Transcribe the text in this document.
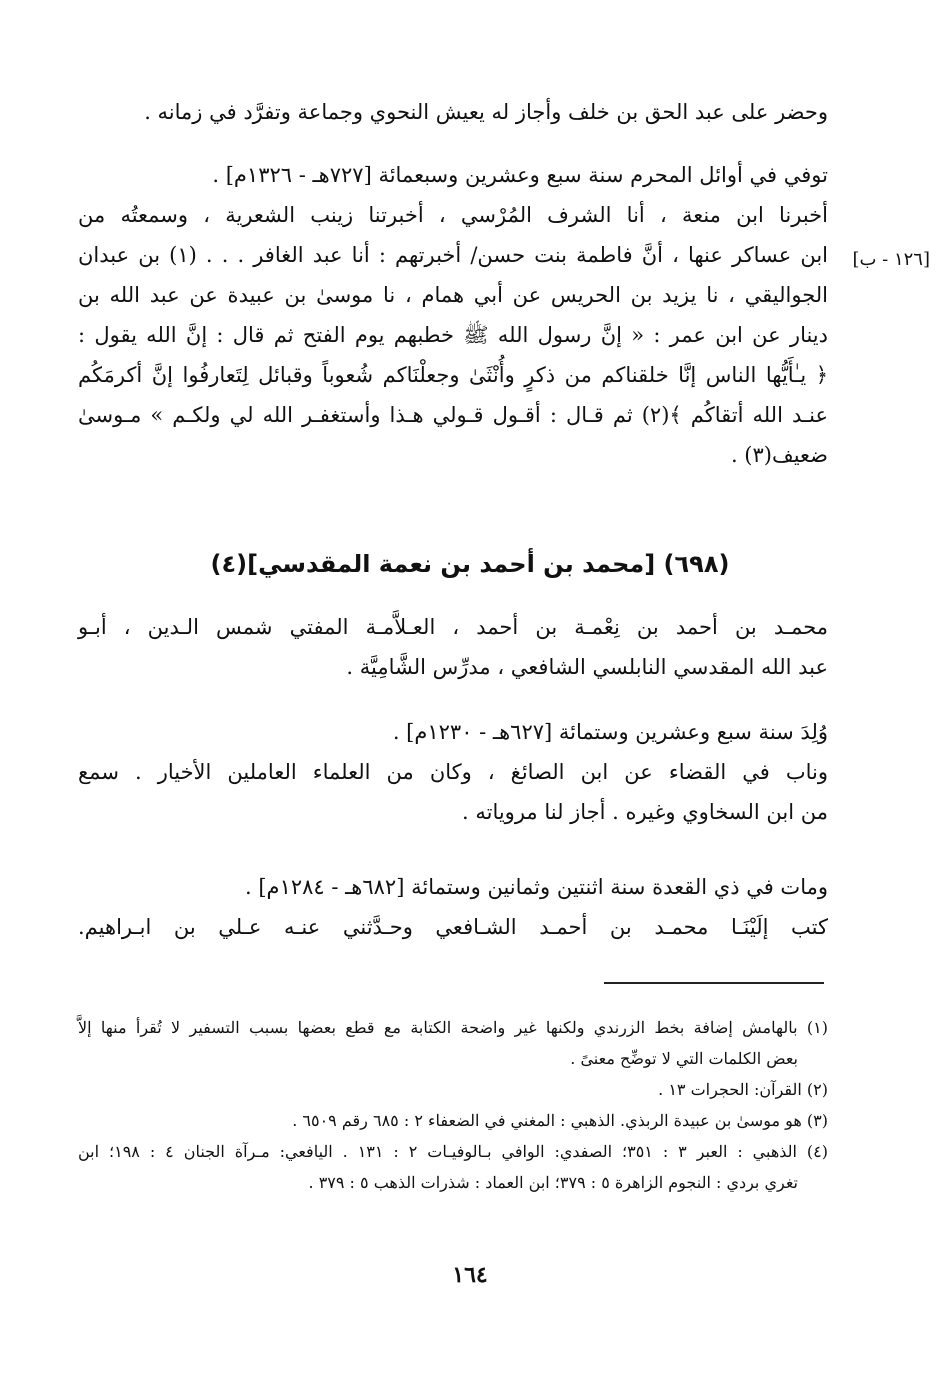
وحضر على عبد الحق بن خلف وأجاز له يعيش النحوي وجماعة وتفرَّد في زمانه .
توفي في أوائل المحرم سنة سبع وعشرين وسبعمائة [٧٢٧هـ - ١٣٢٦م] .
أخبرنا ابن منعة ، أنا الشرف المُرْسي ، أخبرتنا زينب الشعرية ، وسمعتُه من
ابن عساكر عنها ، أنَّ فاطمة بنت حسن/ أخبرتهم : أنا عبد الغافر . . . (١) بن عبدان
الجواليقي ، نا يزيد بن الحريس عن أبي همام ، نا موسىٰ بن عبيدة عن عبد الله بن
دينار عن ابن عمر : « إنَّ رسول الله ﷺ خطبهم يوم الفتح ثم قال : إنَّ الله يقول :
﴿ يـٰأَيُّها الناس إنَّا خلقناكم من ذكرٍ وأُنْثَىٰ وجعلْنَاكم شُعوباً وقبائل لِتَعارفُوا إنَّ أكرمَكُم
عنـد الله أتقاكُم ﴾(٢) ثم قـال : أقـول قـولي هـذا وأستغفـر الله لي ولكـم » مـوسىٰ
ضعيف(٣) .
[١٢٦ - ب]
(٦٩٨) [محمد بن أحمد بن نعمة المقدسي](٤)
محمـد بن أحمد بن نِعْمـة بن أحمد ، العـلاَّمـة المفتي شمس الـدين ، أبـو
عبد الله المقدسي النابلسي الشافعي ، مدرِّس الشَّامِيَّة .
وُلِدَ سنة سبع وعشرين وستمائة [٦٢٧هـ - ١٢٣٠م] .
وناب في القضاء عن ابن الصائغ ، وكان من العلماء العاملين الأخيار . سمع
من ابن السخاوي وغيره . أجاز لنا مروياته .
ومات في ذي القعدة سنة اثنتين وثمانين وستمائة [٦٨٢هـ - ١٢٨٤م] .
كتب إلَيْنَـا محمـد بن أحمـد الشـافعي وحـدَّثني عنـه عـلي بن ابـراهيم.
(١) بالهامش إضافة بخط الزرندي ولكنها غير واضحة الكتابة مع قطع بعضها بسبب التسفير لا تُقرأ منها إلاَّ
بعض الكلمات التي لا توضِّح معنىً .
(٢) القرآن: الحجرات ١٣ .
(٣) هو موسىٰ بن عبيدة الربذي. الذهبي : المغني في الضعفاء ٢ : ٦٨٥ رقم ٦٥٠٩ .
(٤) الذهبي : العبر ٣ : ٣٥١؛ الصفدي: الوافي بـالوفيـات ٢ : ١٣١ . اليافعي: مـرآة الجنان ٤ : ١٩٨؛ ابن
تغري بردي : النجوم الزاهرة ٥ : ٣٧٩؛ ابن العماد : شذرات الذهب ٥ : ٣٧٩ .
١٦٤
